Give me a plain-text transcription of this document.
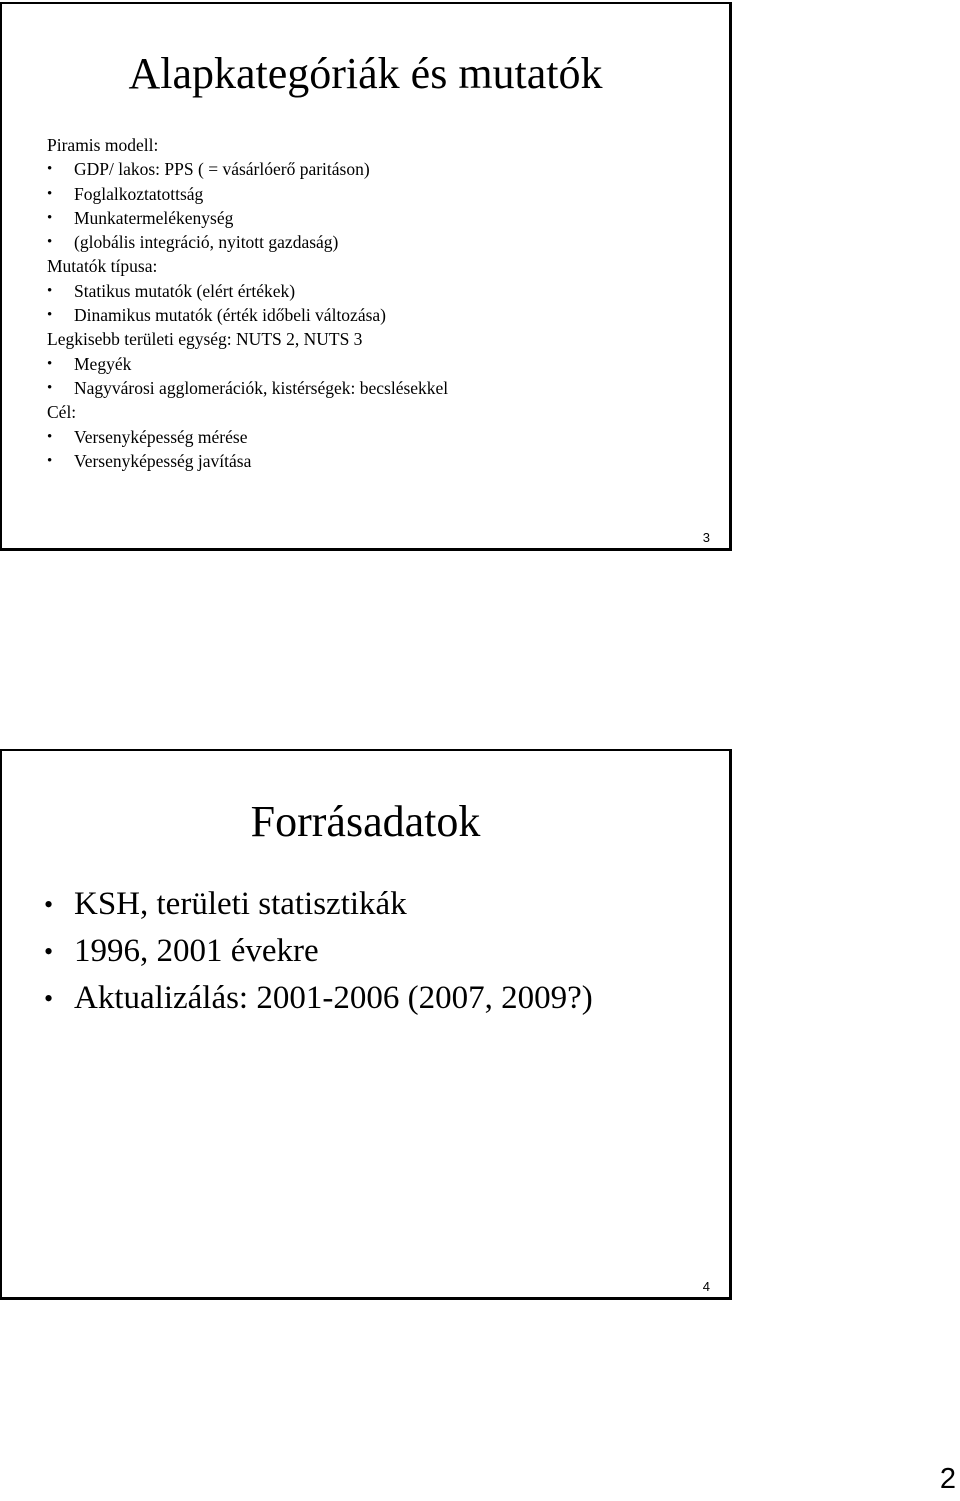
Alapkategóriák és mutatók
Piramis modell:
• GDP/ lakos: PPS ( = vásárlóerő paritáson)
• Foglalkoztatottság
• Munkatermelékenység
• (globális integráció, nyitott gazdaság)
Mutatók típusa:
• Statikus mutatók (elért értékek)
• Dinamikus mutatók (érték időbeli változása)
Legkisebb területi egység: NUTS 2, NUTS 3
• Megyék
• Nagyvárosi agglomerációk, kistérségek: becslésekkel
Cél:
• Versenyképesség mérése
• Versenyképesség javítása
3
Forrásadatok
• KSH, területi statisztikák
• 1996, 2001 évekre
• Aktualizálás: 2001-2006 (2007, 2009?)
4
2
